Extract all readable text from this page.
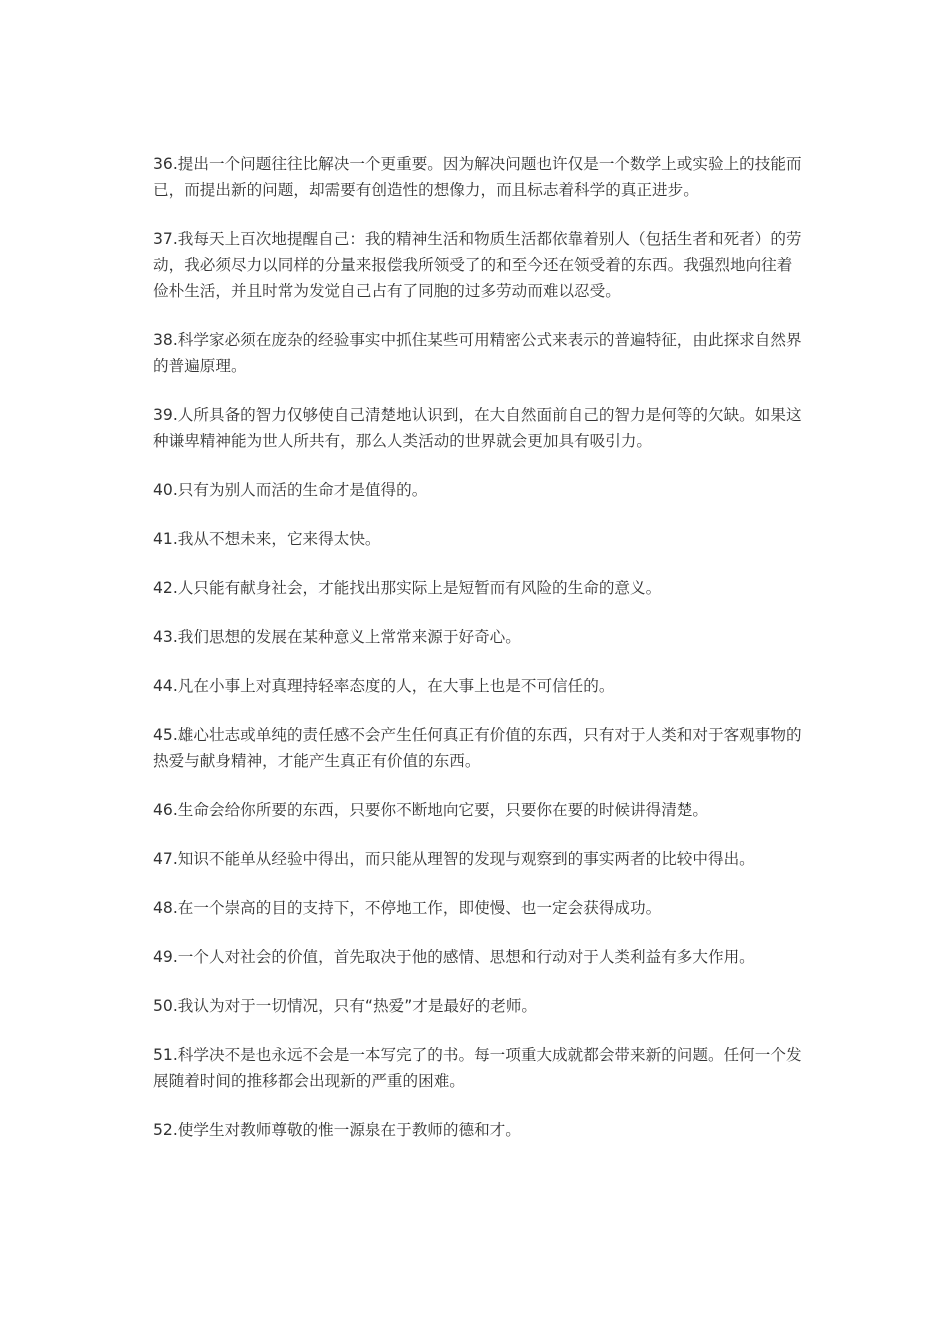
36.提出一个问题往往比解决一个更重要。因为解决问题也许仅是一个数学上或实验上的技能而已，而提出新的问题，却需要有创造性的想像力，而且标志着科学的真正进步。

37.我每天上百次地提醒自己：我的精神生活和物质生活都依靠着别人（包括生者和死者）的劳动，我必须尽力以同样的分量来报偿我所领受了的和至今还在领受着的东西。我强烈地向往着俭朴生活，并且时常为发觉自己占有了同胞的过多劳动而难以忍受。

38.科学家必须在庞杂的经验事实中抓住某些可用精密公式来表示的普遍特征，由此探求自然界的普遍原理。

39.人所具备的智力仅够使自己清楚地认识到，在大自然面前自己的智力是何等的欠缺。如果这种谦卑精神能为世人所共有，那么人类活动的世界就会更加具有吸引力。

40.只有为别人而活的生命才是值得的。

41.我从不想未来，它来得太快。

42.人只能有献身社会，才能找出那实际上是短暂而有风险的生命的意义。

43.我们思想的发展在某种意义上常常来源于好奇心。

44.凡在小事上对真理持轻率态度的人，在大事上也是不可信任的。

45.雄心壮志或单纯的责任感不会产生任何真正有价值的东西，只有对于人类和对于客观事物的热爱与献身精神，才能产生真正有价值的东西。

46.生命会给你所要的东西，只要你不断地向它要，只要你在要的时候讲得清楚。

47.知识不能单从经验中得出，而只能从理智的发现与观察到的事实两者的比较中得出。

48.在一个崇高的目的支持下，不停地工作，即使慢、也一定会获得成功。

49.一个人对社会的价值，首先取决于他的感情、思想和行动对于人类利益有多大作用。

50.我认为对于一切情况，只有“热爱”才是最好的老师。

51.科学决不是也永远不会是一本写完了的书。每一项重大成就都会带来新的问题。任何一个发展随着时间的推移都会出现新的严重的困难。

52.使学生对教师尊敬的惟一源泉在于教师的德和才。
